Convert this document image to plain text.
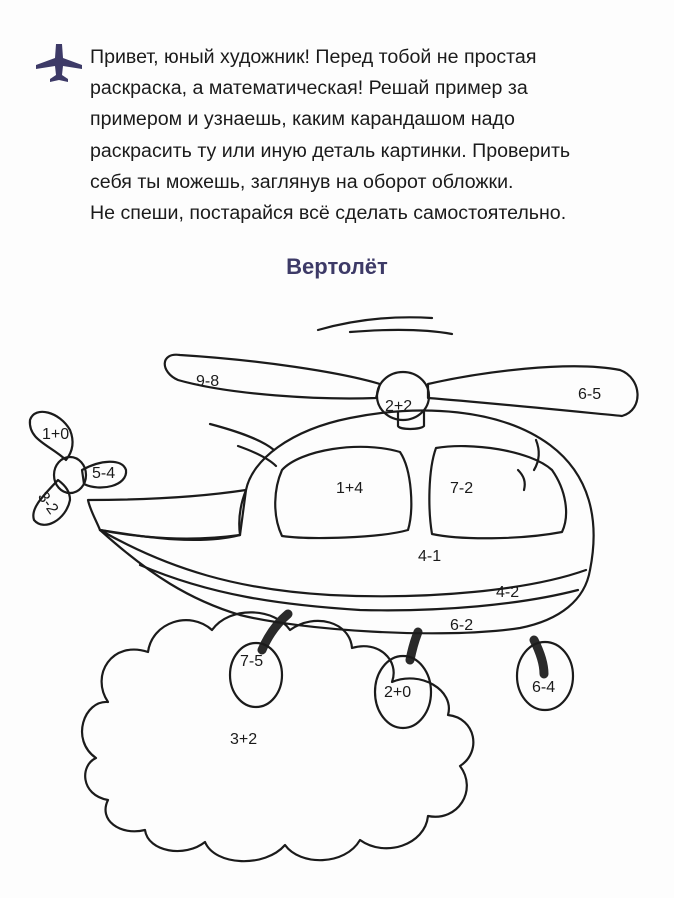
Привет, юный художник! Перед тобой не простая
раскраска, а математическая! Решай пример за
примером и узнаешь, каким карандашом надо
раскрасить ту или иную деталь картинки. Проверить
себя ты можешь, заглянув на оборот обложки.
Не спеши, постарайся всё сделать самостоятельно.

Вертолёт
9-8
2+2
6-5
1+0
5-4
3-2
1+4	7-2
4-1
4-2
6-2
7-5
2+0	6-4
3+2
